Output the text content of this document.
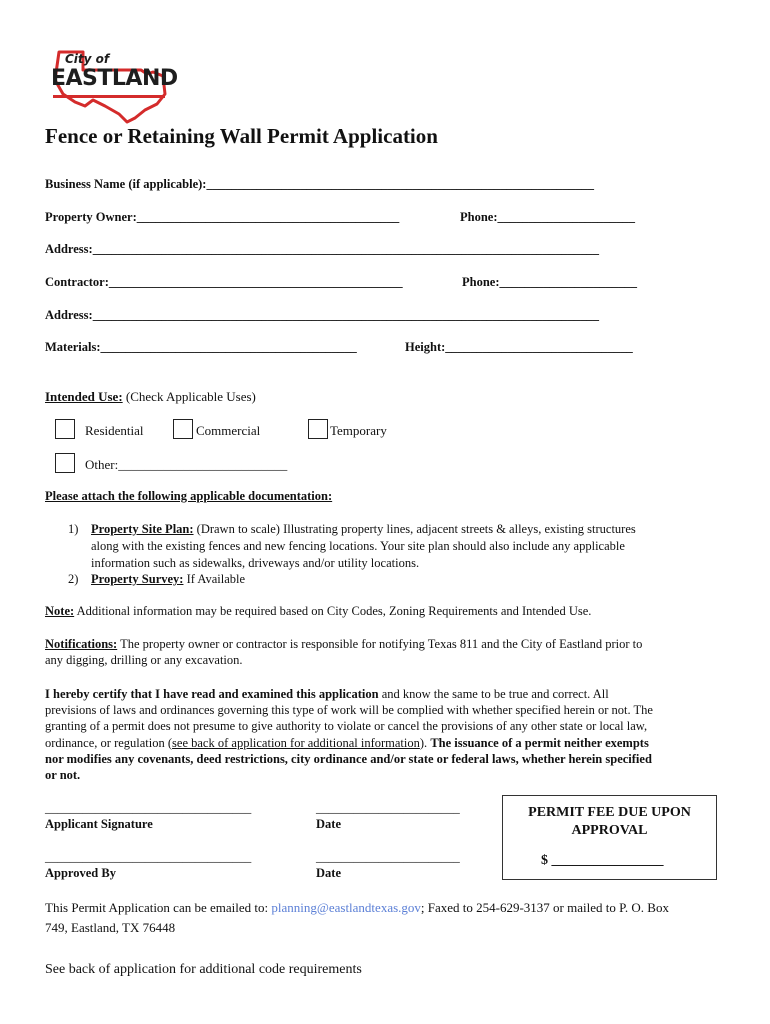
City of
EASTLAND
Fence or Retaining Wall Permit Application
Business Name (if applicable):______________________________________________________________
Property Owner:__________________________________________	Phone:______________________
Address:_________________________________________________________________________________
Contractor:_______________________________________________	Phone:______________________
Address:_________________________________________________________________________________
Materials:_________________________________________	Height:______________________________
Intended Use: (Check Applicable Uses)
Residential	Commercial	Temporary
Other:__________________________
Please attach the following applicable documentation:
1) Property Site Plan: (Drawn to scale) Illustrating property lines, adjacent streets & alleys, existing structures
along with the existing fences and new fencing locations. Your site plan should also include any applicable
information such as sidewalks, driveways and/or utility locations.
2) Property Survey: If Available
Note: Additional information may be required based on City Codes, Zoning Requirements and Intended Use.
Notifications: The property owner or contractor is responsible for notifying Texas 811 and the City of Eastland prior to
any digging, drilling or any excavation.
I hereby certify that I have read and examined this application and know the same to be true and correct. All
previsions of laws and ordinances governing this type of work will be complied with whether specified herein or not. The
granting of a permit does not presume to give authority to violate or cancel the provisions of any other state or local law,
ordinance, or regulation (see back of application for additional information). The issuance of a permit neither exempts
nor modifies any covenants, deed restrictions, city ordinance and/or state or federal laws, whether herein specified
or not.
_________________________________	_______________________
Applicant Signature	Date
_________________________________	_______________________
Approved By	Date
PERMIT FEE DUE UPON
APPROVAL
$ ________________
This Permit Application can be emailed to: planning@eastlandtexas.gov; Faxed to 254-629-3137 or mailed to P. O. Box
749, Eastland, TX 76448
See back of application for additional code requirements
